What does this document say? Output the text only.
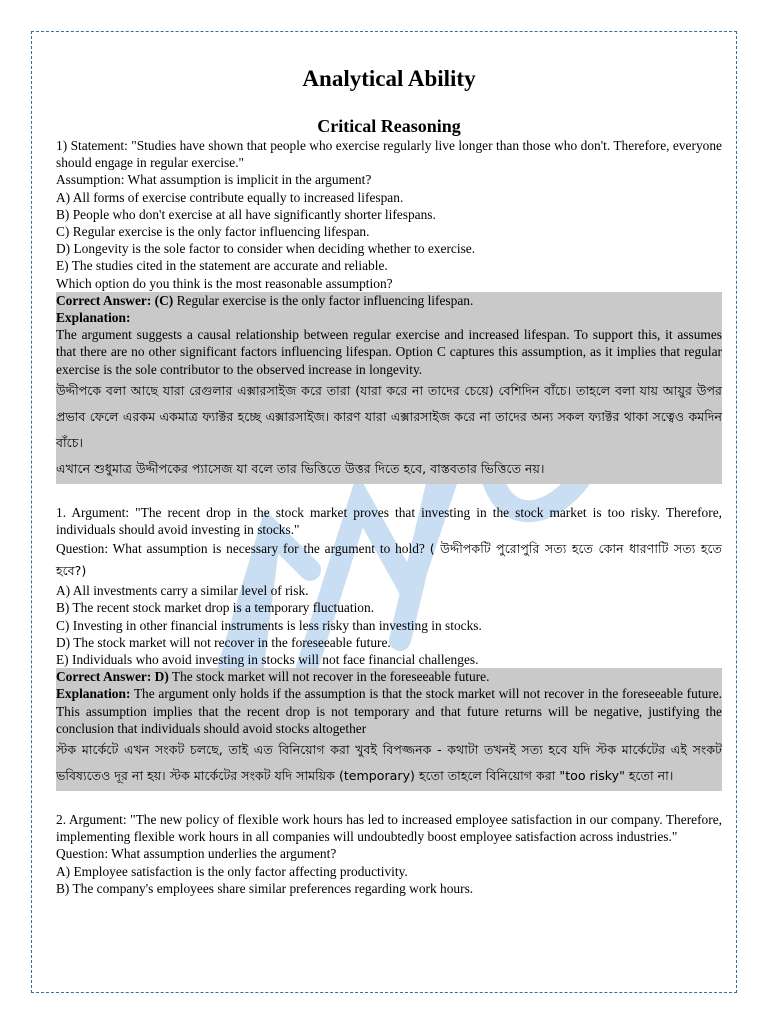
Analytical Ability
Critical Reasoning

1) Statement: "Studies have shown that people who exercise regularly live longer than those who don't. Therefore, everyone should engage in regular exercise."

Assumption: What assumption is implicit in the argument?

A) All forms of exercise contribute equally to increased lifespan.

B) People who don't exercise at all have significantly shorter lifespans.

C) Regular exercise is the only factor influencing lifespan.

D) Longevity is the sole factor to consider when deciding whether to exercise.

E) The studies cited in the statement are accurate and reliable.

Which option do you think is the most reasonable assumption?

Correct Answer: (C) Regular exercise is the only factor influencing lifespan.

Explanation:

The argument suggests a causal relationship between regular exercise and increased lifespan. To support this, it assumes that there are no other significant factors influencing lifespan. Option C captures this assumption, as it implies that regular exercise is the sole contributor to the observed increase in longevity.

উদ্দীপকে বলা আছে যারা রেগুলার এক্সারসাইজ করে তারা (যারা করে না তাদের চেয়ে) বেশিদিন বাঁচে। তাহলে বলা যায় আয়ুর উপর প্রভাব ফেলে এরকম একমাত্র ফ্যাক্টর হচ্ছে এক্সারসাইজ। কারণ যারা এক্সারসাইজ করে না তাদের অন্য সকল ফ্যাক্টর থাকা সত্বেও কমদিন বাঁচে।

এখানে শুধুমাত্র উদ্দীপকের প্যাসেজ যা বলে তার ভিত্তিতে উত্তর দিতে হবে, বাস্তবতার ভিত্তিতে নয়।

1. Argument: "The recent drop in the stock market proves that investing in the stock market is too risky. Therefore, individuals should avoid investing in stocks."

Question: What assumption is necessary for the argument to hold? ( উদ্দীপকটি পুরোপুরি সত্য হতে কোন ধারণাটি সত্য হতে হবে?)

A) All investments carry a similar level of risk.

B) The recent stock market drop is a temporary fluctuation.

C) Investing in other financial instruments is less risky than investing in stocks.

D) The stock market will not recover in the foreseeable future.

E) Individuals who avoid investing in stocks will not face financial challenges.

Correct Answer: D) The stock market will not recover in the foreseeable future.

Explanation: The argument only holds if the assumption is that the stock market will not recover in the foreseeable future. This assumption implies that the recent drop is not temporary and that future returns will be negative, justifying the conclusion that individuals should avoid stocks altogether

স্টক মার্কেটে এখন সংকট চলছে, তাই এত বিনিয়োগ করা খুবই বিপজ্জনক - কথাটা তখনই সত্য হবে যদি স্টক মার্কেটের এই সংকট ভবিষ্যতেও দূর না হয়। স্টক মার্কেটের সংকট যদি সাময়িক (temporary) হতো তাহলে বিনিয়োগ করা "too risky" হতো না।

2. Argument: "The new policy of flexible work hours has led to increased employee satisfaction in our company. Therefore, implementing flexible work hours in all companies will undoubtedly boost employee satisfaction across industries."

Question: What assumption underlies the argument?

A) Employee satisfaction is the only factor affecting productivity.

B) The company's employees share similar preferences regarding work hours.
